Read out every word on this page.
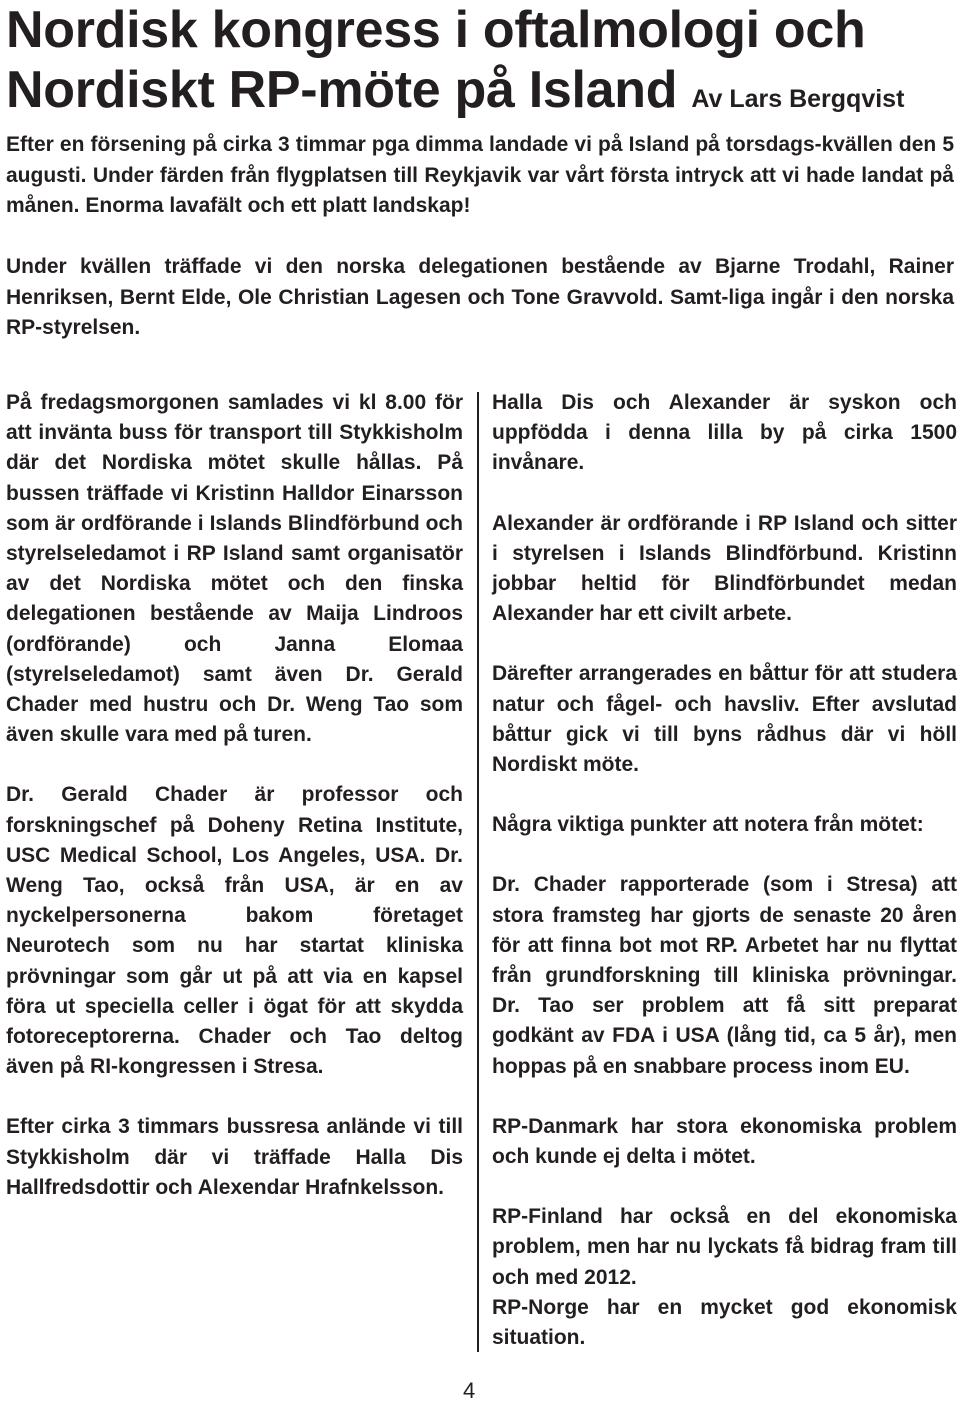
Nordisk kongress i oftalmologi och
Nordiskt RP-möte på Island Av Lars Bergqvist

Efter en försening på cirka 3 timmar pga dimma landade vi på Island på torsdags-kvällen den 5 augusti. Under färden från flygplatsen till Reykjavik var vårt första intryck att vi hade landat på månen. Enorma lavafält och ett platt landskap!

Under kvällen träffade vi den norska delegationen bestående av Bjarne Trodahl, Rainer Henriksen, Bernt Elde, Ole Christian Lagesen och Tone Gravvold. Samt-liga ingår i den norska RP-styrelsen.

På fredagsmorgonen samlades vi kl 8.00 för att invänta buss för transport till Stykkisholm där det Nordiska mötet skulle hållas. På bussen träffade vi Kristinn Halldor Einarsson som är ordförande i Islands Blindförbund och styrelseledamot i RP Island samt organisatör av det Nordiska mötet och den finska delegationen bestående av Maija Lindroos (ordförande) och Janna Elomaa (styrelseledamot) samt även Dr. Gerald Chader med hustru och Dr. Weng Tao som även skulle vara med på turen.

Dr. Gerald Chader är professor och forskningschef på Doheny Retina Institute, USC Medical School, Los Angeles, USA. Dr. Weng Tao, också från USA, är en av nyckelpersonerna bakom företaget Neurotech som nu har startat kliniska prövningar som går ut på att via en kapsel föra ut speciella celler i ögat för att skydda fotoreceptorerna. Chader och Tao deltog även på RI-kongressen i Stresa.

Efter cirka 3 timmars bussresa anlände vi till Stykkisholm där vi träffade Halla Dis Hallfredsdottir och Alexendar Hrafnkelsson.

Halla Dis och Alexander är syskon och uppfödda i denna lilla by på cirka 1500 invånare.

Alexander är ordförande i RP Island och sitter i styrelsen i Islands Blindförbund. Kristinn jobbar heltid för Blindförbundet medan Alexander har ett civilt arbete.

Därefter arrangerades en båttur för att studera natur och fågel- och havsliv. Efter avslutad båttur gick vi till byns rådhus där vi höll Nordiskt möte.

Några viktiga punkter att notera från mötet:

Dr. Chader rapporterade (som i Stresa) att stora framsteg har gjorts de senaste 20 åren för att finna bot mot RP. Arbetet har nu flyttat från grundforskning till kliniska prövningar. Dr. Tao ser problem att få sitt preparat godkänt av FDA i USA (lång tid, ca 5 år), men hoppas på en snabbare process inom EU.

RP-Danmark har stora ekonomiska problem och kunde ej delta i mötet.

RP-Finland har också en del ekonomiska problem, men har nu lyckats få bidrag fram till och med 2012.

RP-Norge har en mycket god ekonomisk situation.

4
